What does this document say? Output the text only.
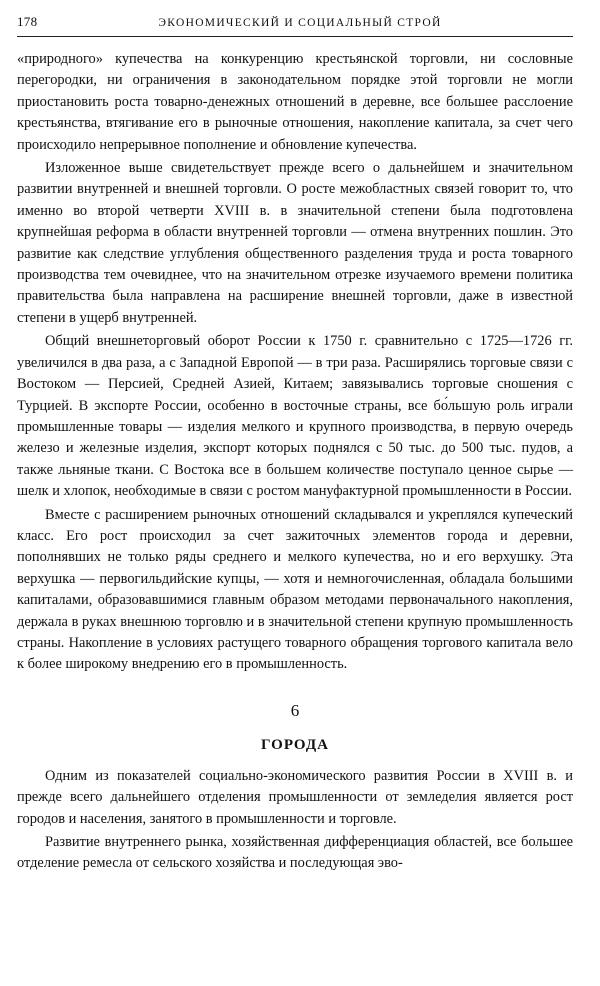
178	ЭКОНОМИЧЕСКИЙ И СОЦИАЛЬНЫЙ СТРОЙ

«природного» купечества на конкуренцию крестьянской торговли, ни сословные перегородки, ни ограничения в законодательном порядке этой торговли не могли приостановить роста товарно-денежных отношений в деревне, все большее расслоение крестьянства, втягивание его в рыночные отношения, накопление капитала, за счет чего происходило непрерывное пополнение и обновление купечества.

Изложенное выше свидетельствует прежде всего о дальнейшем и значительном развитии внутренней и внешней торговли. О росте межобластных связей говорит то, что именно во второй четверти XVIII в. в значительной степени была подготовлена крупнейшая реформа в области внутренней торговли — отмена внутренних пошлин. Это развитие как следствие углубления общественного разделения труда и роста товарного производства тем очевиднее, что на значительном отрезке изучаемого времени политика правительства была направлена на расширение внешней торговли, даже в известной степени в ущерб внутренней.

Общий внешнеторговый оборот России к 1750 г. сравнительно с 1725—1726 гг. увеличился в два раза, а с Западной Европой — в три раза. Расширялись торговые связи с Востоком — Персией, Средней Азией, Китаем; завязывались торговые сношения с Турцией. В экспорте России, особенно в восточные страны, все бо́льшую роль играли промышленные товары — изделия мелкого и крупного производства, в первую очередь железо и железные изделия, экспорт которых поднялся с 50 тыс. до 500 тыс. пудов, а также льняные ткани. С Востока все в большем количестве поступало ценное сырье — шелк и хлопок, необходимые в связи с ростом мануфактурной промышленности в России.

Вместе с расширением рыночных отношений складывался и укреплялся купеческий класс. Его рост происходил за счет зажиточных элементов города и деревни, пополнявших не только ряды среднего и мелкого купечества, но и его верхушку. Эта верхушка — первогильдийские купцы, — хотя и немногочисленная, обладала большими капиталами, образовавшимися главным образом методами первоначального накопления, держала в руках внешнюю торговлю и в значительной степени крупную промышленность страны. Накопление в условиях растущего товарного обращения торгового капитала вело к более широкому внедрению его в промышленность.

6
ГОРОДА

Одним из показателей социально-экономического развития России в XVIII в. и прежде всего дальнейшего отделения промышленности от земледелия является рост городов и населения, занятого в промышленности и торговле.

Развитие внутреннего рынка, хозяйственная дифференциация областей, все большее отделение ремесла от сельского хозяйства и последующая эво-
